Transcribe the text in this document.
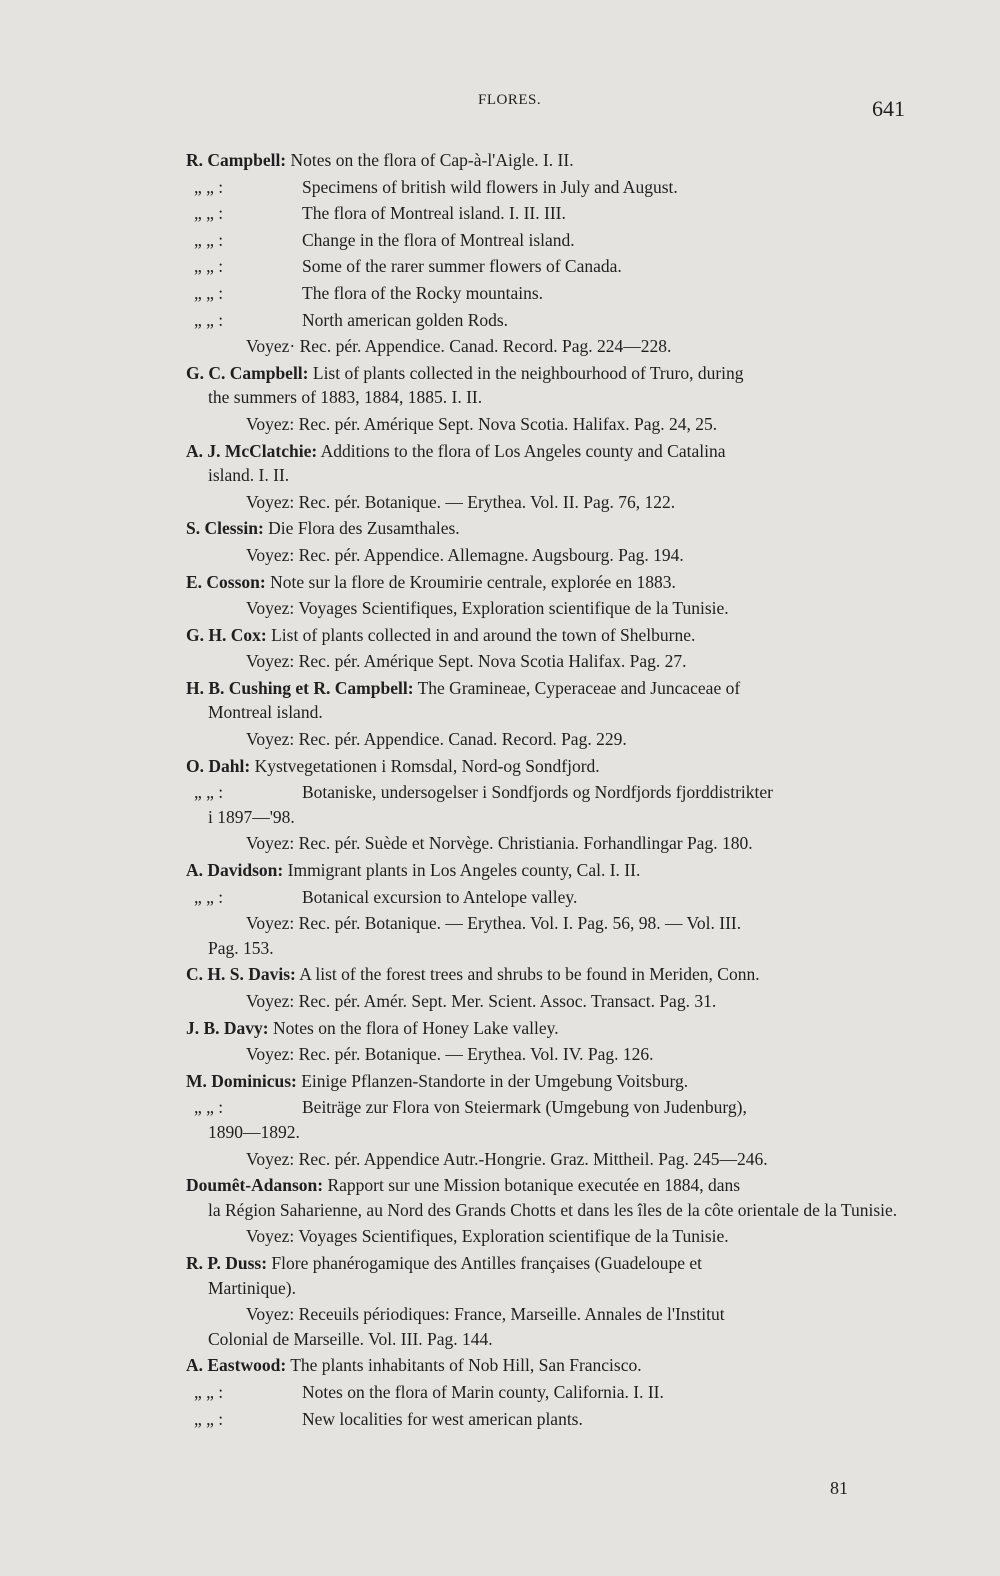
FLORES.	641
R. Campbell: Notes on the flora of Cap-à-l'Aigle. I. II.
„ „ :	Specimens of british wild flowers in July and August.
„ „ :	The flora of Montreal island. I. II. III.
„ „ :	Change in the flora of Montreal island.
„ „ :	Some of the rarer summer flowers of Canada.
„ „ :	The flora of the Rocky mountains.
„ „ :	North american golden Rods.
Voyez· Rec. pér. Appendice. Canad. Record. Pag. 224—228.
G. C. Campbell: List of plants collected in the neighbourhood of Truro, during
the summers of 1883, 1884, 1885. I. II.
Voyez: Rec. pér. Amérique Sept. Nova Scotia. Halifax. Pag. 24, 25.
A. J. McClatchie: Additions to the flora of Los Angeles county and Catalina
island. I. II.
Voyez: Rec. pér. Botanique. — Erythea. Vol. II. Pag. 76, 122.
S. Clessin: Die Flora des Zusamthales.
Voyez: Rec. pér. Appendice. Allemagne. Augsbourg. Pag. 194.
E. Cosson: Note sur la flore de Kroumirie centrale, explorée en 1883.
Voyez: Voyages Scientifiques, Exploration scientifique de la Tunisie.
G. H. Cox: List of plants collected in and around the town of Shelburne.
Voyez: Rec. pér. Amérique Sept. Nova Scotia Halifax. Pag. 27.
H. B. Cushing et R. Campbell: The Gramineae, Cyperaceae and Juncaceae of
Montreal island.
Voyez: Rec. pér. Appendice. Canad. Record. Pag. 229.
O. Dahl: Kystvegetationen i Romsdal, Nord-og Sondfjord.
„ „ :	Botaniske, undersogelser i Sondfjords og Nordfjords fjorddistrikter
i 1897—'98.
Voyez: Rec. pér. Suède et Norvège. Christiania. Forhandlingar Pag. 180.
A. Davidson: Immigrant plants in Los Angeles county, Cal. I. II.
„ „ :	Botanical excursion to Antelope valley.
Voyez: Rec. pér. Botanique. — Erythea. Vol. I. Pag. 56, 98. — Vol. III.
Pag. 153.
C. H. S. Davis: A list of the forest trees and shrubs to be found in Meriden, Conn.
Voyez: Rec. pér. Amér. Sept. Mer. Scient. Assoc. Transact. Pag. 31.
J. B. Davy: Notes on the flora of Honey Lake valley.
Voyez: Rec. pér. Botanique. — Erythea. Vol. IV. Pag. 126.
M. Dominicus: Einige Pflanzen-Standorte in der Umgebung Voitsburg.
„ „ :	Beiträge zur Flora von Steiermark (Umgebung von Judenburg),
1890—1892.
Voyez: Rec. pér. Appendice Autr.-Hongrie. Graz. Mittheil. Pag. 245—246.
Doumêt-Adanson: Rapport sur une Mission botanique executée en 1884, dans
la Région Saharienne, au Nord des Grands Chotts et dans les îles de la côte orientale de la Tunisie.
Voyez: Voyages Scientifiques, Exploration scientifique de la Tunisie.
R. P. Duss: Flore phanérogamique des Antilles françaises (Guadeloupe et
Martinique).
Voyez: Receuils périodiques: France, Marseille. Annales de l'Institut
Colonial de Marseille. Vol. III. Pag. 144.
A. Eastwood: The plants inhabitants of Nob Hill, San Francisco.
„ „ :	Notes on the flora of Marin county, California. I. II.
„ „ :	New localities for west american plants.
81
